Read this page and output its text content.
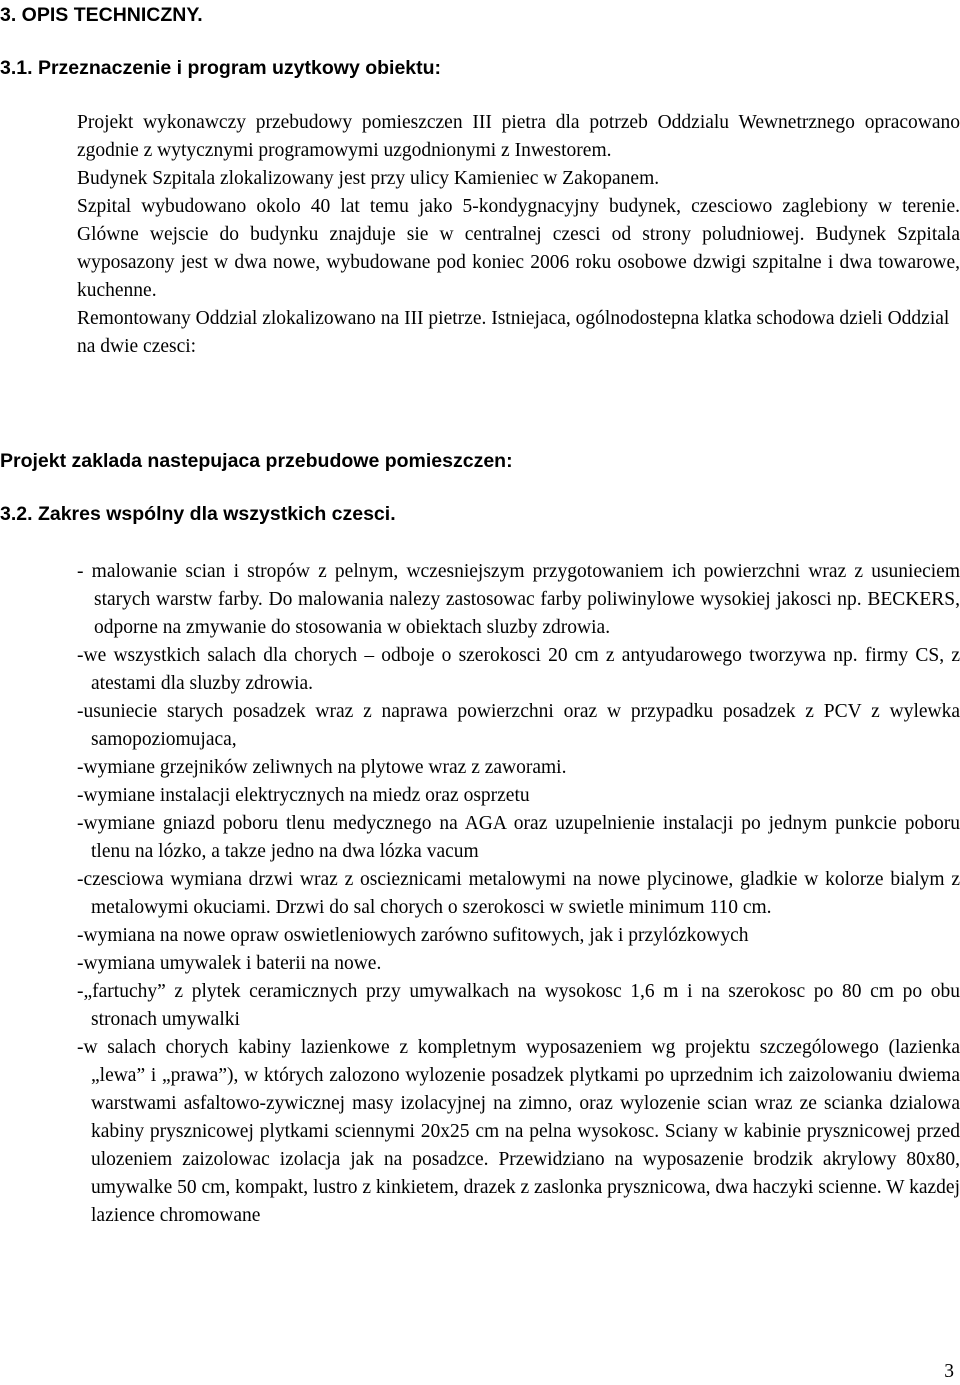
3. OPIS TECHNICZNY.
3.1. Przeznaczenie i program uzytkowy obiektu:

Projekt wykonawczy przebudowy pomieszczen III pietra dla potrzeb Oddzialu Wewnetrznego opracowano zgodnie z wytycznymi programowymi uzgodnionymi z Inwestorem.

Budynek Szpitala zlokalizowany jest przy ulicy Kamieniec w Zakopanem.

Szpital wybudowano okolo 40 lat temu jako 5-kondygnacyjny budynek, czesciowo zaglebiony w terenie. Glówne wejscie do budynku znajduje sie w centralnej czesci od strony poludniowej. Budynek Szpitala wyposazony jest w dwa nowe, wybudowane pod koniec 2006 roku osobowe dzwigi szpitalne i dwa towarowe, kuchenne.

Remontowany Oddzial zlokalizowano na III pietrze. Istniejaca, ogólnodostepna klatka schodowa dzieli Oddzial na dwie czesci:

Projekt zaklada nastepujaca przebudowe pomieszczen:
3.2. Zakres wspólny dla wszystkich czesci.

- malowanie scian i stropów z pelnym, wczesniejszym przygotowaniem ich powierzchni wraz z usunieciem starych warstw farby. Do malowania nalezy zastosowac farby poliwinylowe wysokiej jakosci np. BECKERS, odporne na zmywanie do stosowania w obiektach sluzby zdrowia.

-we wszystkich salach dla chorych – odboje o szerokosci 20 cm z antyudarowego tworzywa np. firmy CS, z atestami dla sluzby zdrowia.

-usuniecie starych posadzek wraz z naprawa powierzchni oraz w przypadku posadzek z PCV z wylewka samopoziomujaca,

-wymiane grzejników zeliwnych na plytowe wraz z zaworami.

-wymiane instalacji elektrycznych na miedz oraz osprzetu

-wymiane gniazd poboru tlenu medycznego na AGA oraz uzupelnienie instalacji po jednym punkcie poboru tlenu na lózko, a takze jedno na dwa lózka vacum

-czesciowa wymiana drzwi wraz z oscieznicami metalowymi na nowe plycinowe, gladkie w kolorze bialym z metalowymi okuciami. Drzwi do sal chorych o szerokosci w swietle minimum 110 cm.

-wymiana na nowe opraw oswietleniowych zarówno sufitowych, jak i przylózkowych

-wymiana umywalek i baterii na nowe.

-„fartuchy” z plytek ceramicznych przy umywalkach na wysokosc 1,6 m i na szerokosc po 80 cm po obu stronach umywalki

-w salach chorych kabiny lazienkowe z kompletnym wyposazeniem wg projektu szczególowego (lazienka „lewa” i „prawa”), w których zalozono wylozenie posadzek plytkami po uprzednim ich zaizolowaniu dwiema warstwami asfaltowo-zywicznej masy izolacyjnej na zimno, oraz wylozenie scian wraz ze scianka dzialowa kabiny prysznicowej plytkami sciennymi 20x25 cm na pelna wysokosc. Sciany w kabinie prysznicowej przed ulozeniem zaizolowac izolacja jak na posadzce. Przewidziano na wyposazenie brodzik akrylowy 80x80, umywalke 50 cm, kompakt, lustro z kinkietem, drazek z zaslonka prysznicowa, dwa haczyki scienne. W kazdej lazience chromowane

3
